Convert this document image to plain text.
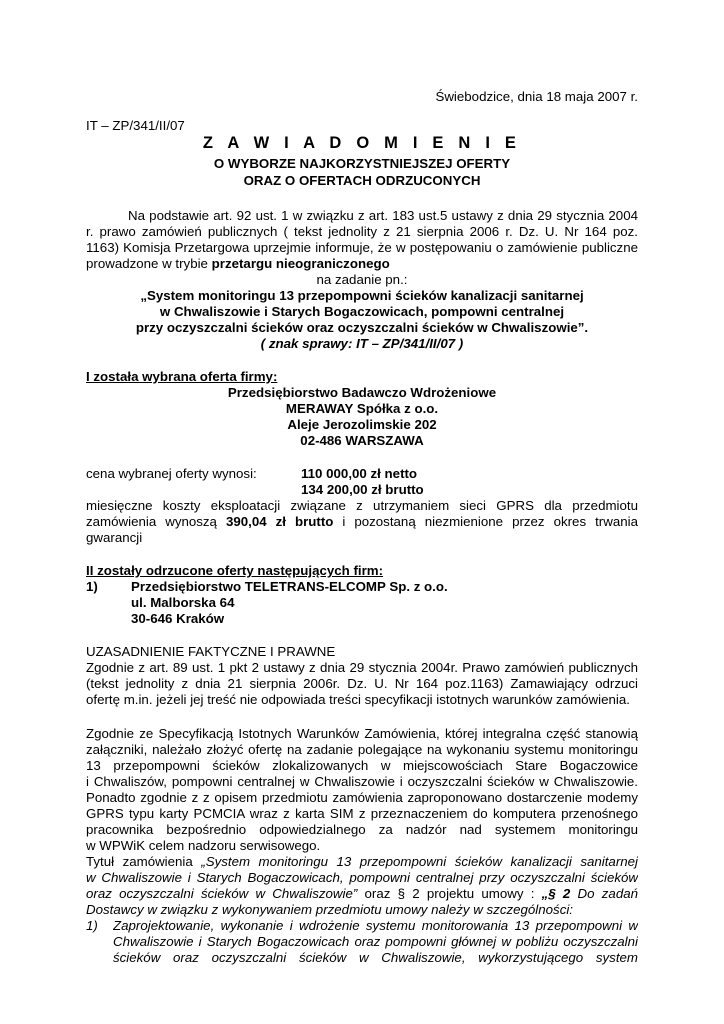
Świebodzice, dnia 18 maja 2007 r.
IT – ZP/341/II/07
Z A W I A D O M I E N I E
O WYBORZE NAJKORZYSTNIEJSZEJ OFERTY
ORAZ O OFERTACH ODRZUCONYCH
Na podstawie art. 92 ust. 1 w związku z art. 183 ust.5 ustawy z dnia 29 stycznia 2004
r. prawo zamówień publicznych ( tekst jednolity z 21 sierpnia 2006 r. Dz. U. Nr 164 poz.
1163) Komisja Przetargowa uprzejmie informuje, że w postępowaniu o zamówienie publiczne
prowadzone w trybie przetargu nieograniczonego
na zadanie pn.:
„System monitoringu 13 przepompowni ścieków kanalizacji sanitarnej
w Chwaliszowie i Starych Bogaczowicach, pompowni centralnej
przy oczyszczalni ścieków oraz oczyszczalni ścieków w Chwaliszowie”.
( znak sprawy: IT – ZP/341/II/07 )
I została wybrana oferta firmy:
Przedsiębiorstwo Badawczo Wdrożeniowe
MERAWAY Spółka z o.o.
Aleje Jerozolimskie 202
02-486 WARSZAWA
cena wybranej oferty wynosi:	110 000,00 zł netto
134 200,00 zł brutto
miesięczne koszty eksploatacji związane z utrzymaniem sieci GPRS dla przedmiotu
zamówienia wynoszą 390,04 zł brutto i pozostaną niezmienione przez okres trwania
gwarancji
II zostały odrzucone oferty następujących firm:
1) Przedsiębiorstwo TELETRANS-ELCOMP Sp. z o.o.
ul. Malborska 64
30-646 Kraków
UZASADNIENIE FAKTYCZNE I PRAWNE
Zgodnie z art. 89 ust. 1 pkt 2 ustawy z dnia 29 stycznia 2004r. Prawo zamówień publicznych
(tekst jednolity z dnia 21 sierpnia 2006r. Dz. U. Nr 164 poz.1163) Zamawiający odrzuci
ofertę m.in. jeżeli jej treść nie odpowiada treści specyfikacji istotnych warunków zamówienia.
Zgodnie ze Specyfikacją Istotnych Warunków Zamówienia, której integralna część stanowią
załączniki, należało złożyć ofertę na zadanie polegające na wykonaniu systemu monitoringu
13 przepompowni ścieków zlokalizowanych w miejscowościach Stare Bogaczowice
i Chwaliszów, pompowni centralnej w Chwaliszowie i oczyszczalni ścieków w Chwaliszowie.
Ponadto zgodnie z z opisem przedmiotu zamówienia zaproponowano dostarczenie modemy
GPRS typu karty PCMCIA wraz z karta SIM z przeznaczeniem do komputera przenośnego
pracownika bezpośrednio odpowiedzialnego za nadzór nad systemem monitoringu
w WPWiK celem nadzoru serwisowego.
Tytuł zamówienia „System monitoringu 13 przepompowni ścieków kanalizacji sanitarnej
w Chwaliszowie i Starych Bogaczowicach, pompowni centralnej przy oczyszczalni ścieków
oraz oczyszczalni ścieków w Chwaliszowie” oraz § 2 projektu umowy : „§ 2 Do zadań
Dostawcy w związku z wykonywaniem przedmiotu umowy należy w szczególności:
1) Zaprojektowanie, wykonanie i wdrożenie systemu monitorowania 13 przepompowni w
Chwaliszowie i Starych Bogaczowicach oraz pompowni głównej w pobliżu oczyszczalni
ścieków oraz oczyszczalni ścieków w Chwaliszowie, wykorzystującego system
